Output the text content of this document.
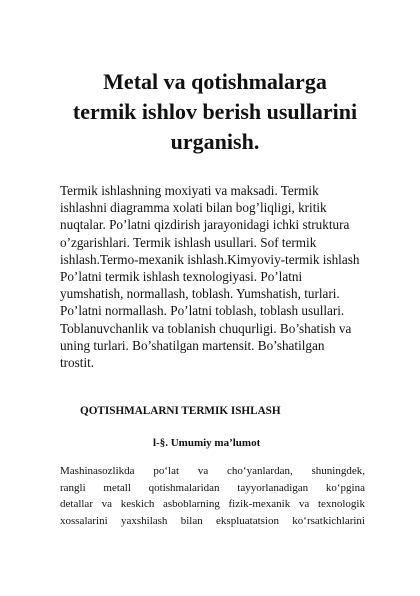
Metal va qotishmalarga
termik ishlov berish usullarini
urganish.
Termik ishlashning moxiyati va maksadi. Termik
ishlashni diagramma xolati bilan bog’liqligi, kritik
nuqtalar. Po’latni qizdirish jarayonidagi ichki struktura
o’zgarishlari. Termik ishlash usullari. Sof termik
ishlash.Termo-mexanik ishlash.Kimyoviy-termik ishlash
Po’latni termik ishlash texnologiyasi. Po’latni
yumshatish, normallash, toblash. Yumshatish, turlari.
Po’latni normallash. Po’latni toblash, toblash usullari.
Toblanuvchanlik va toblanish chuqurligi. Bo’shatish va
uning turlari. Bo’shatilgan martensit. Bo’shatilgan
trostit.
QOTISHMALARNI TERMIK ISHLASH
l-§. Umumiy ma’lumot
Mashinasozlikda po‘lat va cho‘yanlardan, shuningdek,
rangli metall qotishmalaridan tayyorlanadigan ko‘pgina
detallar va keskich asboblarning fizik-mexanik va texnologik
xossalarini yaxshilash bilan ekspluatatsion ko‘rsatkichlarini
